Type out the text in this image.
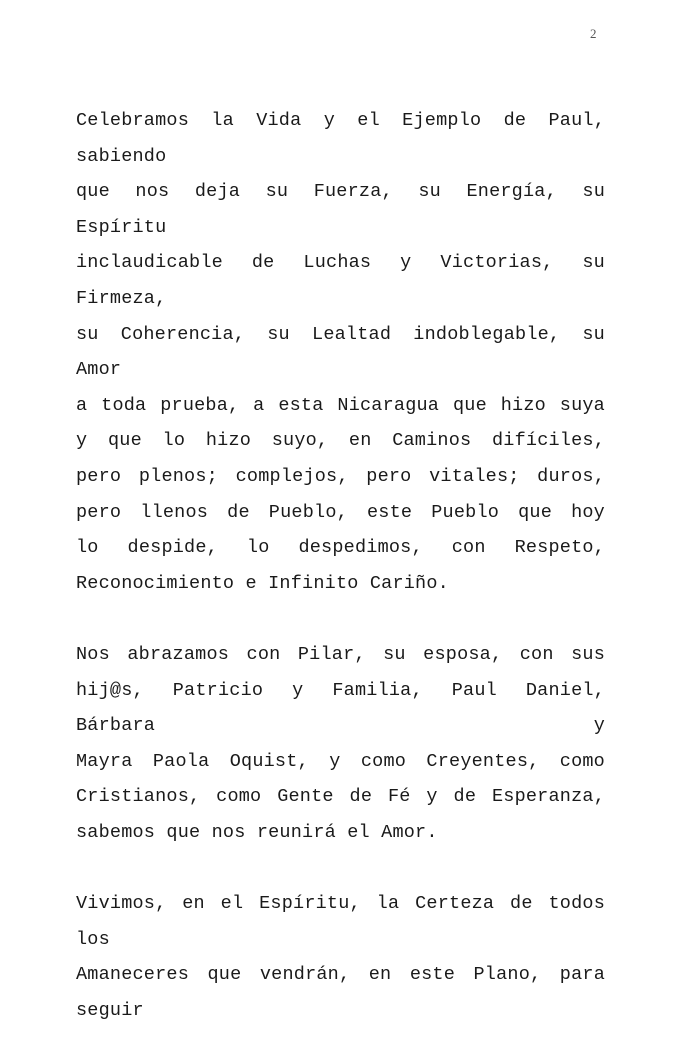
2

Celebramos la Vida y el Ejemplo de Paul, sabiendo
que nos deja su Fuerza, su Energía, su Espíritu
inclaudicable de Luchas y Victorias, su Firmeza,
su Coherencia, su Lealtad indoblegable, su Amor
a toda prueba, a esta Nicaragua que hizo suya
y que lo hizo suyo, en Caminos difíciles,
pero plenos; complejos, pero vitales; duros,
pero llenos de Pueblo, este Pueblo que hoy
lo despide, lo despedimos, con Respeto,
Reconocimiento e Infinito Cariño.

Nos abrazamos con Pilar, su esposa, con sus
hij@s, Patricio y Familia, Paul Daniel, Bárbara y
Mayra Paola Oquist, y como Creyentes, como
Cristianos, como Gente de Fé y de Esperanza,
sabemos que nos reunirá el Amor.

Vivimos, en el Espíritu, la Certeza de todos los
Amaneceres que vendrán, en este Plano, para seguir
